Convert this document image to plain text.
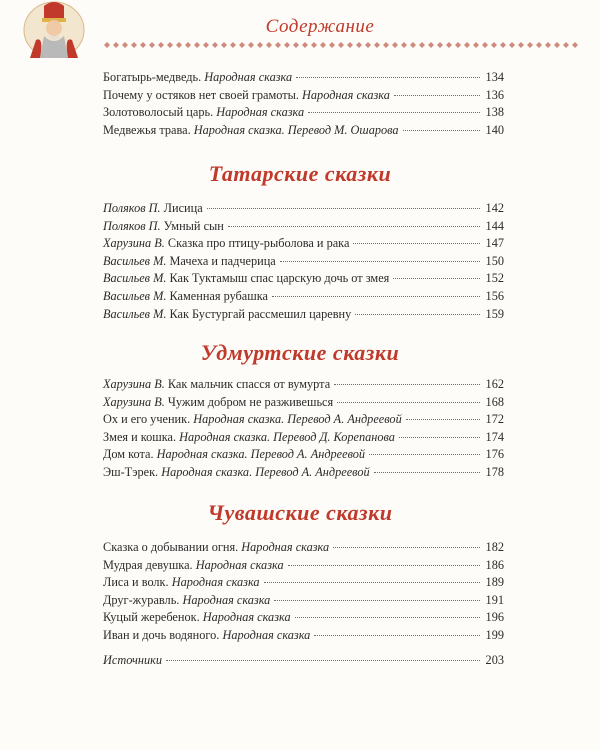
Содержание
Богатырь-медведь. Народная сказка	134
Почему у остяков нет своей грамоты. Народная сказка	136
Золотоволосый царь. Народная сказка	138
Медвежья трава. Народная сказка. Перевод М. Ошарова	140
Татарские сказки
Поляков П. Лисица	142
Поляков П. Умный сын	144
Харузина В. Сказка про птицу-рыболова и рака	147
Васильев М. Мачеха и падчерица	150
Васильев М. Как Туктамыш спас царскую дочь от змея	152
Васильев М. Каменная рубашка	156
Васильев М. Как Бустургай рассмешил царевну	159
Удмуртские сказки
Харузина В. Как мальчик спасся от вумурта	162
Харузина В. Чужим добром не разживешься	168
Ох и его ученик. Народная сказка. Перевод А. Андреевой	172
Змея и кошка. Народная сказка. Перевод Д. Корепанова	174
Дом кота. Народная сказка. Перевод А. Андреевой	176
Эш-Тэрек. Народная сказка. Перевод А. Андреевой	178
Чувашские сказки
Сказка о добывании огня. Народная сказка	182
Мудрая девушка. Народная сказка	186
Лиса и волк. Народная сказка	189
Друг-журавль. Народная сказка	191
Куцый жеребенок. Народная сказка	196
Иван и дочь водяного. Народная сказка	199
Источники	203
